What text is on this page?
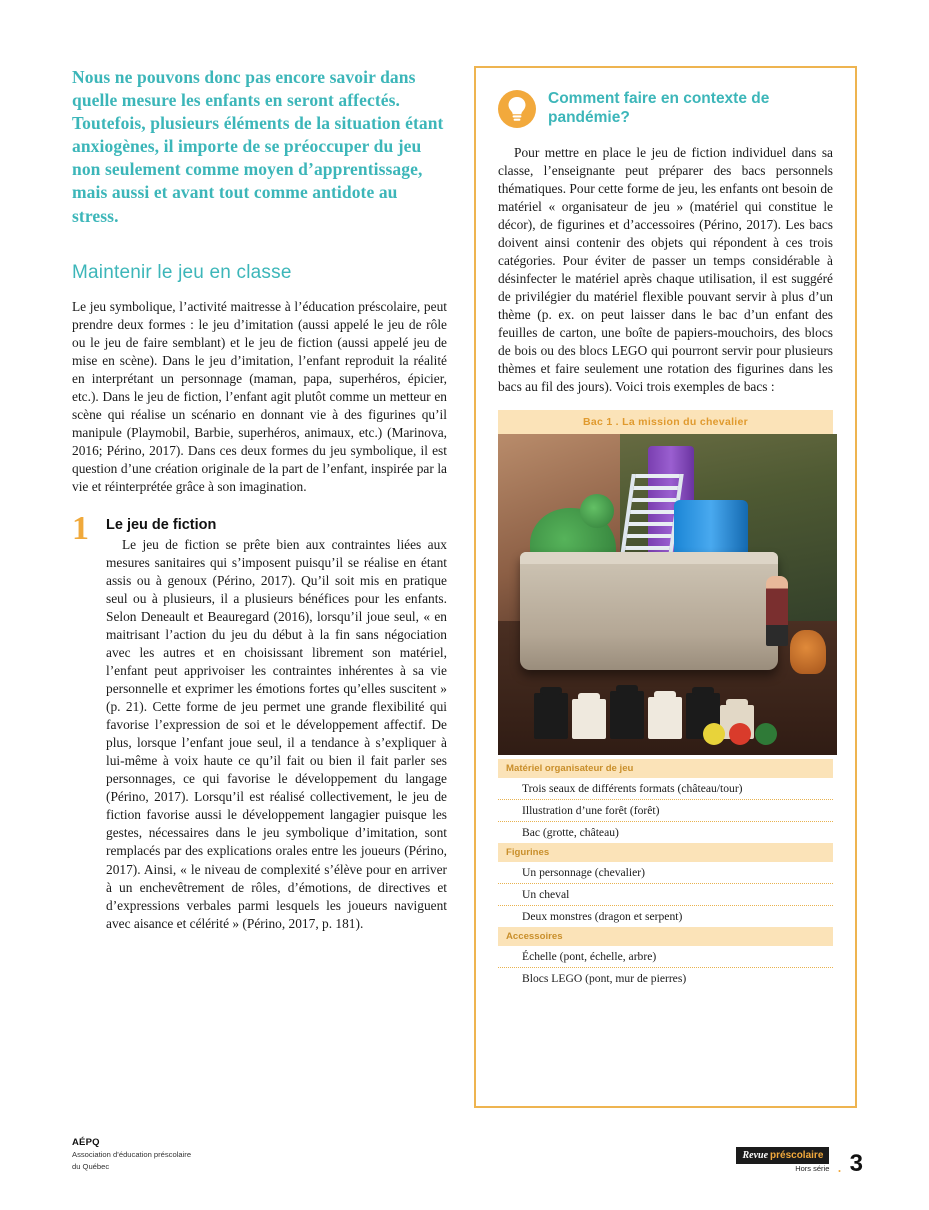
Nous ne pouvons donc pas encore savoir dans quelle mesure les enfants en seront affectés. Toutefois, plusieurs éléments de la situation étant anxiogènes, il importe de se préoccuper du jeu non seulement comme moyen d’apprentissage, mais aussi et avant tout comme antidote au stress.

Maintenir le jeu en classe

Le jeu symbolique, l’activité maitresse à l’éducation préscolaire, peut prendre deux formes : le jeu d’imitation (aussi appelé le jeu de rôle ou le jeu de faire semblant) et le jeu de fiction (aussi appelé jeu de mise en scène). Dans le jeu d’imitation, l’enfant reproduit la réalité en interprétant un personnage (maman, papa, superhéros, épicier, etc.). Dans le jeu de fiction, l’enfant agit plutôt comme un metteur en scène qui réalise un scénario en donnant vie à des figurines qu’il manipule (Playmobil, Barbie, superhéros, animaux, etc.) (Marinova, 2016; Périno, 2017). Dans ces deux formes du jeu symbolique, il est question d’une création originale de la part de l’enfant, inspirée par la vie et réinterprétée grâce à son imagination.

1 Le jeu de fiction

Le jeu de fiction se prête bien aux contraintes liées aux mesures sanitaires qui s’imposent puisqu’il se réalise en étant assis ou à genoux (Périno, 2017). Qu’il soit mis en pratique seul ou à plusieurs, il a plusieurs bénéfices pour les enfants. Selon Deneault et Beauregard (2016), lorsqu’il joue seul, « en maitrisant l’action du jeu du début à la fin sans négociation avec les autres et en choisissant librement son matériel, l’enfant peut apprivoiser les contraintes inhérentes à sa vie personnelle et exprimer les émotions fortes qu’elles suscitent » (p. 21). Cette forme de jeu permet une grande flexibilité qui favorise l’expression de soi et le développement affectif. De plus, lorsque l’enfant joue seul, il a tendance à s’expliquer à lui-même à voix haute ce qu’il fait ou bien il fait parler ses personnages, ce qui favorise le développement du langage (Périno, 2017). Lorsqu’il est réalisé collectivement, le jeu de fiction favorise aussi le développement langagier puisque les gestes, nécessaires dans le jeu symbolique d’imitation, sont remplacés par des explications orales entre les joueurs (Périno, 2017). Ainsi, « le niveau de complexité s’élève pour en arriver à un enchevêtrement de rôles, d’émotions, de directives et d’expressions verbales parmi lesquels les joueurs naviguent avec aisance et célérité » (Périno, 2017, p. 181).

Comment faire en contexte de pandémie?

Pour mettre en place le jeu de fiction individuel dans sa classe, l’enseignante peut préparer des bacs personnels thématiques. Pour cette forme de jeu, les enfants ont besoin de matériel « organisateur de jeu » (matériel qui constitue le décor), de figurines et d’accessoires (Périno, 2017). Les bacs doivent ainsi contenir des objets qui répondent à ces trois catégories. Pour éviter de passer un temps considérable à désinfecter le matériel après chaque utilisation, il est suggéré de privilégier du matériel flexible pouvant servir à plus d’un thème (p. ex. on peut laisser dans le bac d’un enfant des feuilles de carton, une boîte de papiers-mouchoirs, des blocs de bois ou des blocs LEGO qui pourront servir pour plusieurs thèmes et faire seulement une rotation des figurines dans les bacs au fil des jours). Voici trois exemples de bacs :

Bac 1 . La mission du chevalier
Matériel organisateur de jeu
Trois seaux de différents formats (château/tour)
Illustration d’une forêt (forêt)
Bac (grotte, château)
Figurines
Un personnage (chevalier)
Un cheval
Deux monstres (dragon et serpent)
Accessoires
Échelle (pont, échelle, arbre)
Blocs LEGO (pont, mur de pierres)
AÉPQ
Association d’éducation préscolaire
du Québec
Revue préscolaire
Hors série . 3
